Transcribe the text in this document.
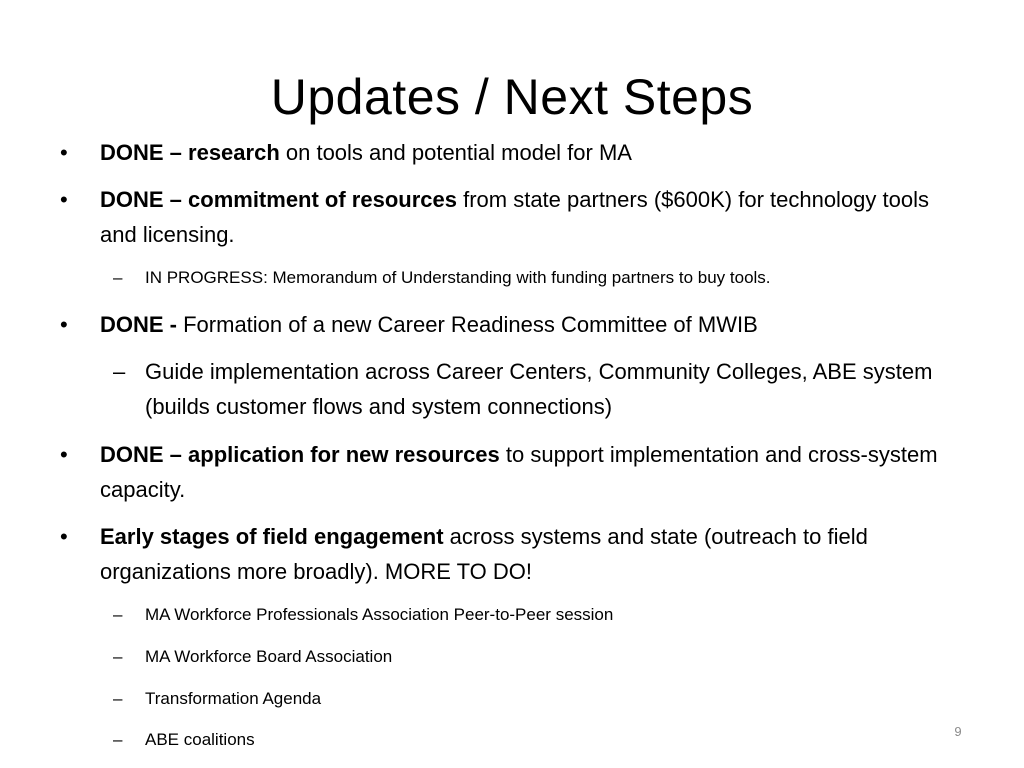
Updates / Next Steps

• DONE – research on tools and potential model for MA

• DONE – commitment of resources from state partners ($600K) for technology tools and licensing.

– IN PROGRESS: Memorandum of Understanding with funding partners to buy tools.

• DONE - Formation of a new Career Readiness Committee of MWIB

– Guide implementation across Career Centers, Community Colleges, ABE system (builds customer flows and system connections)

• DONE – application for new resources to support implementation and cross-system capacity.

• Early stages of field engagement across systems and state (outreach to field organizations more broadly). MORE TO DO!

– MA Workforce Professionals Association Peer-to-Peer session

– MA Workforce Board Association

– Transformation Agenda

– ABE coalitions	9
